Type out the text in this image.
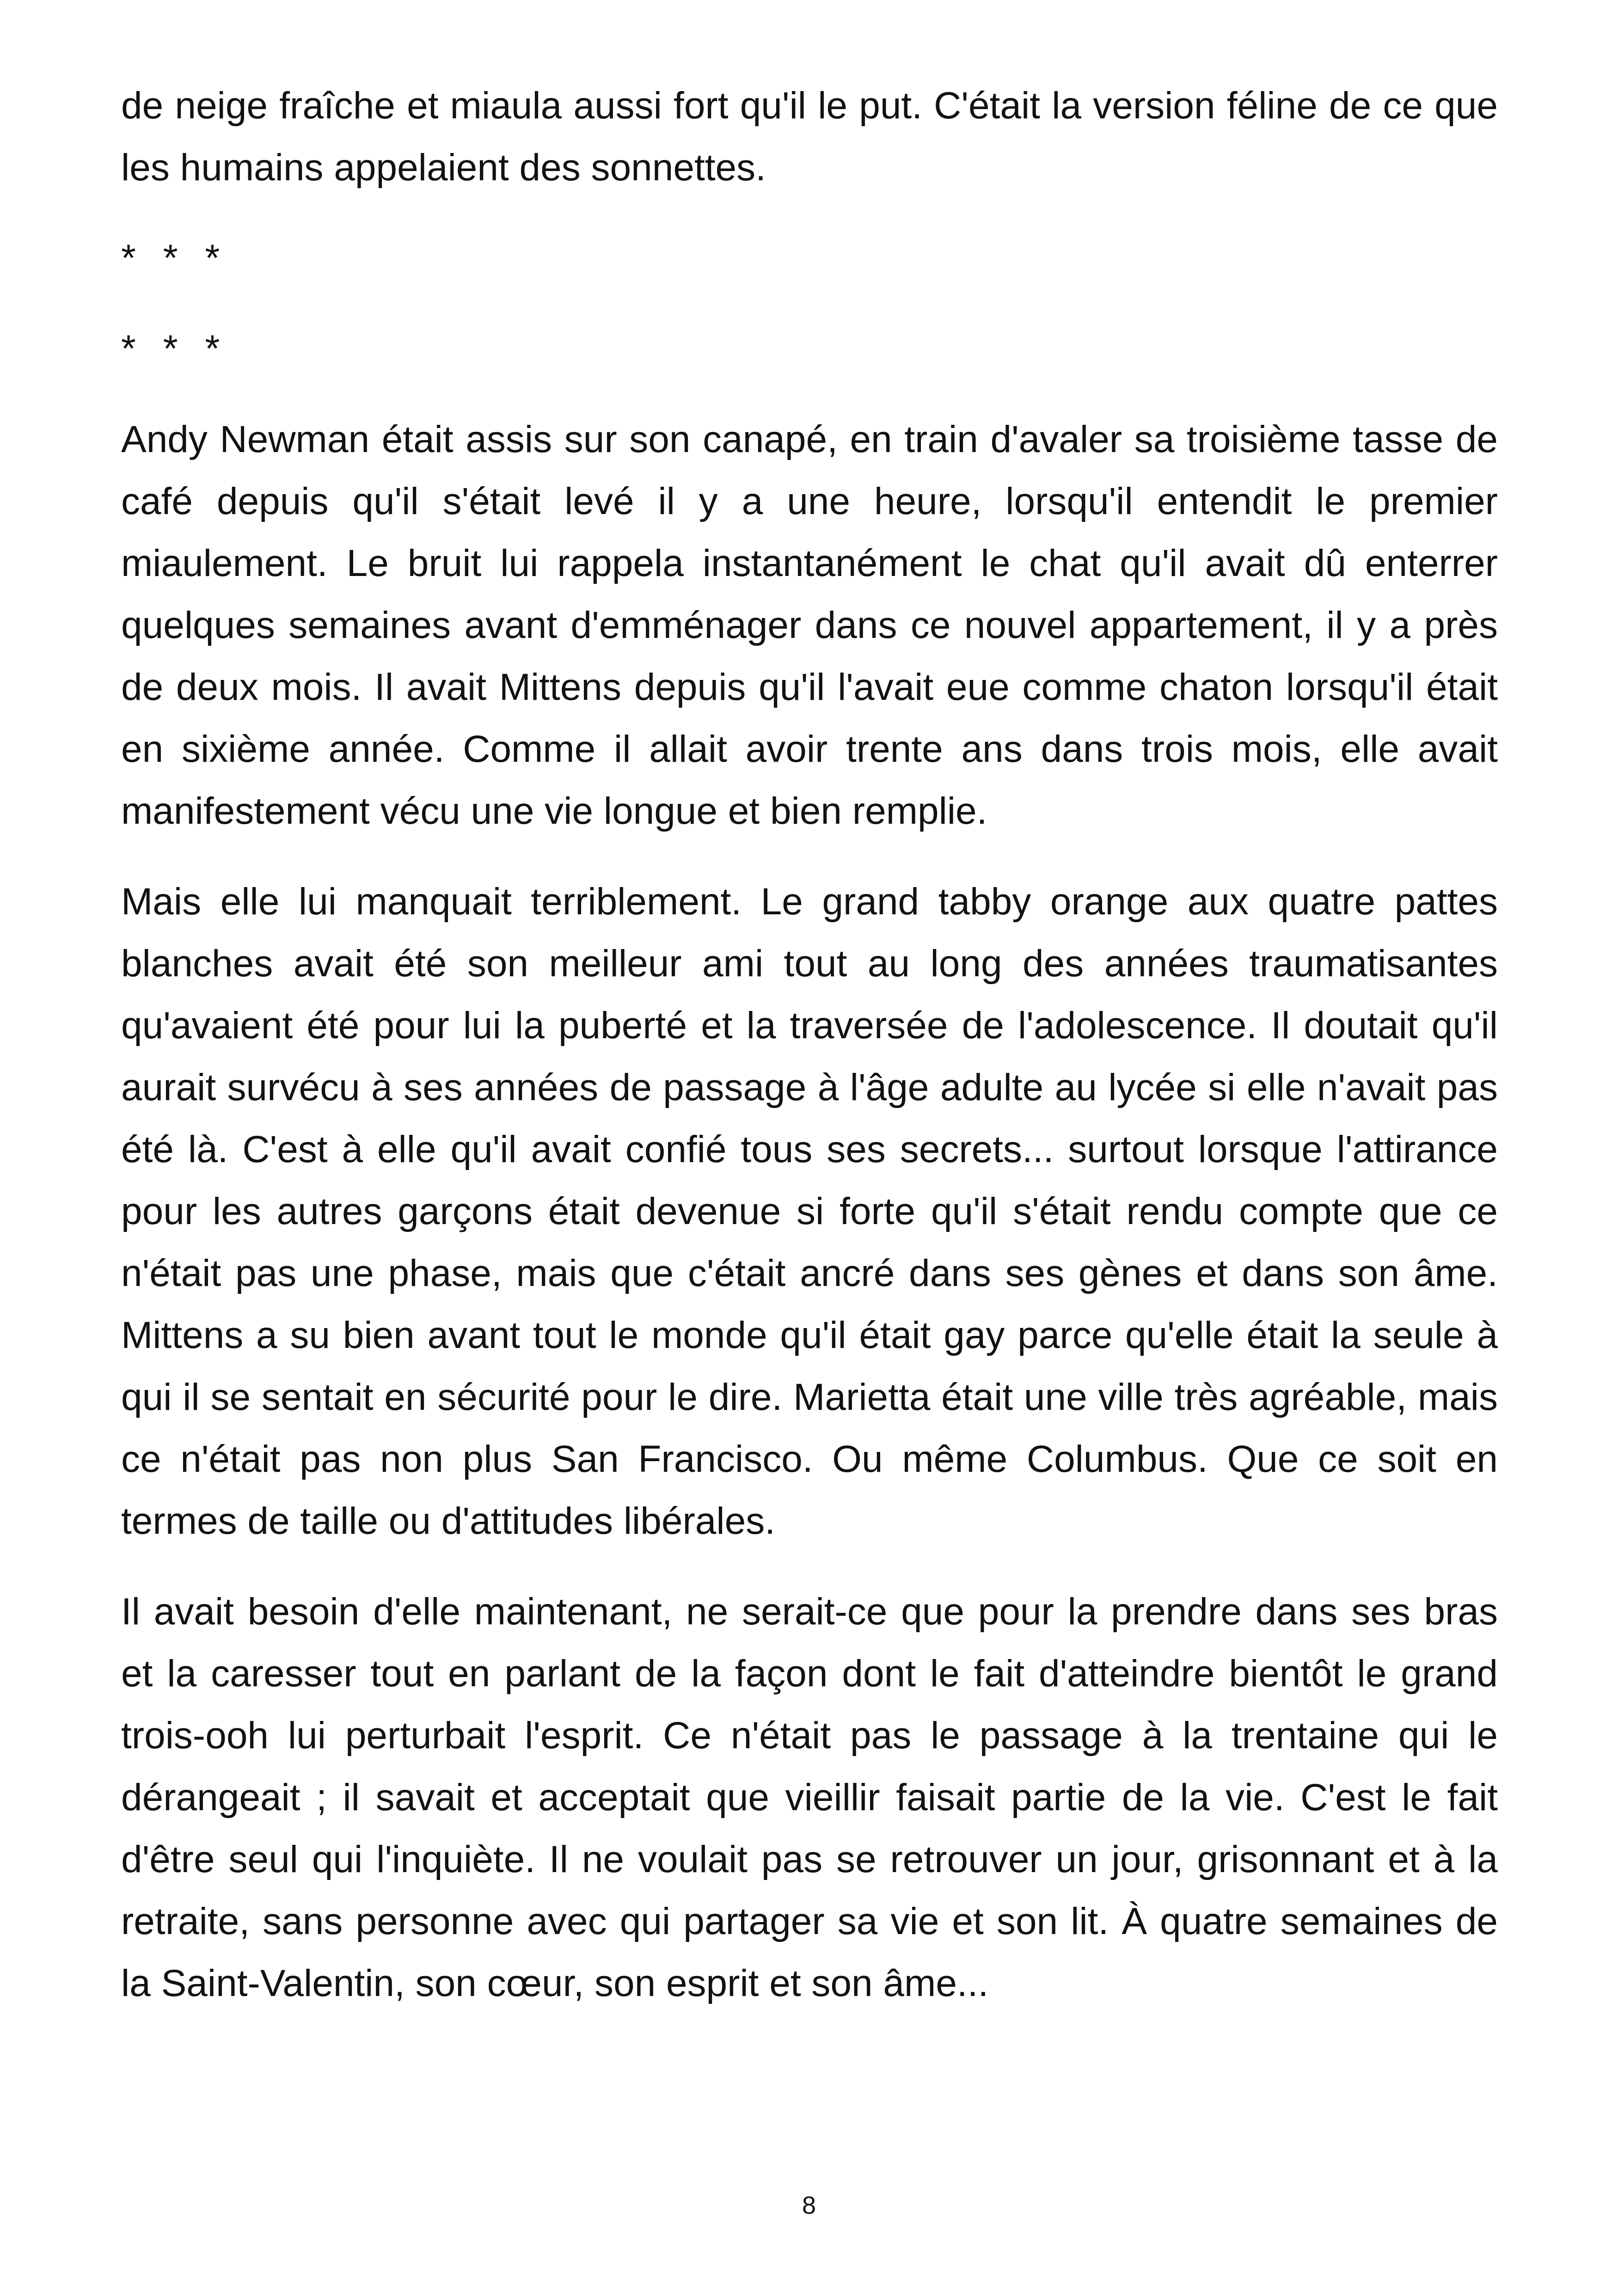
de neige fraîche et miaula aussi fort qu'il le put. C'était la version féline de ce que les humains appelaient des sonnettes.

* * *
* * *

Andy Newman était assis sur son canapé, en train d'avaler sa troisième tasse de café depuis qu'il s'était levé il y a une heure, lorsqu'il entendit le premier miaulement. Le bruit lui rappela instantanément le chat qu'il avait dû enterrer quelques semaines avant d'emménager dans ce nouvel appartement, il y a près de deux mois. Il avait Mittens depuis qu'il l'avait eue comme chaton lorsqu'il était en sixième année. Comme il allait avoir trente ans dans trois mois, elle avait manifestement vécu une vie longue et bien remplie.

Mais elle lui manquait terriblement. Le grand tabby orange aux quatre pattes blanches avait été son meilleur ami tout au long des années traumatisantes qu'avaient été pour lui la puberté et la traversée de l'adolescence. Il doutait qu'il aurait survécu à ses années de passage à l'âge adulte au lycée si elle n'avait pas été là. C'est à elle qu'il avait confié tous ses secrets... surtout lorsque l'attirance pour les autres garçons était devenue si forte qu'il s'était rendu compte que ce n'était pas une phase, mais que c'était ancré dans ses gènes et dans son âme. Mittens a su bien avant tout le monde qu'il était gay parce qu'elle était la seule à qui il se sentait en sécurité pour le dire. Marietta était une ville très agréable, mais ce n'était pas non plus San Francisco. Ou même Columbus. Que ce soit en termes de taille ou d'attitudes libérales.

Il avait besoin d'elle maintenant, ne serait-ce que pour la prendre dans ses bras et la caresser tout en parlant de la façon dont le fait d'atteindre bientôt le grand trois-ooh lui perturbait l'esprit. Ce n'était pas le passage à la trentaine qui le dérangeait ; il savait et acceptait que vieillir faisait partie de la vie. C'est le fait d'être seul qui l'inquiète. Il ne voulait pas se retrouver un jour, grisonnant et à la retraite, sans personne avec qui partager sa vie et son lit. À quatre semaines de la Saint-Valentin, son cœur, son esprit et son âme...

8
